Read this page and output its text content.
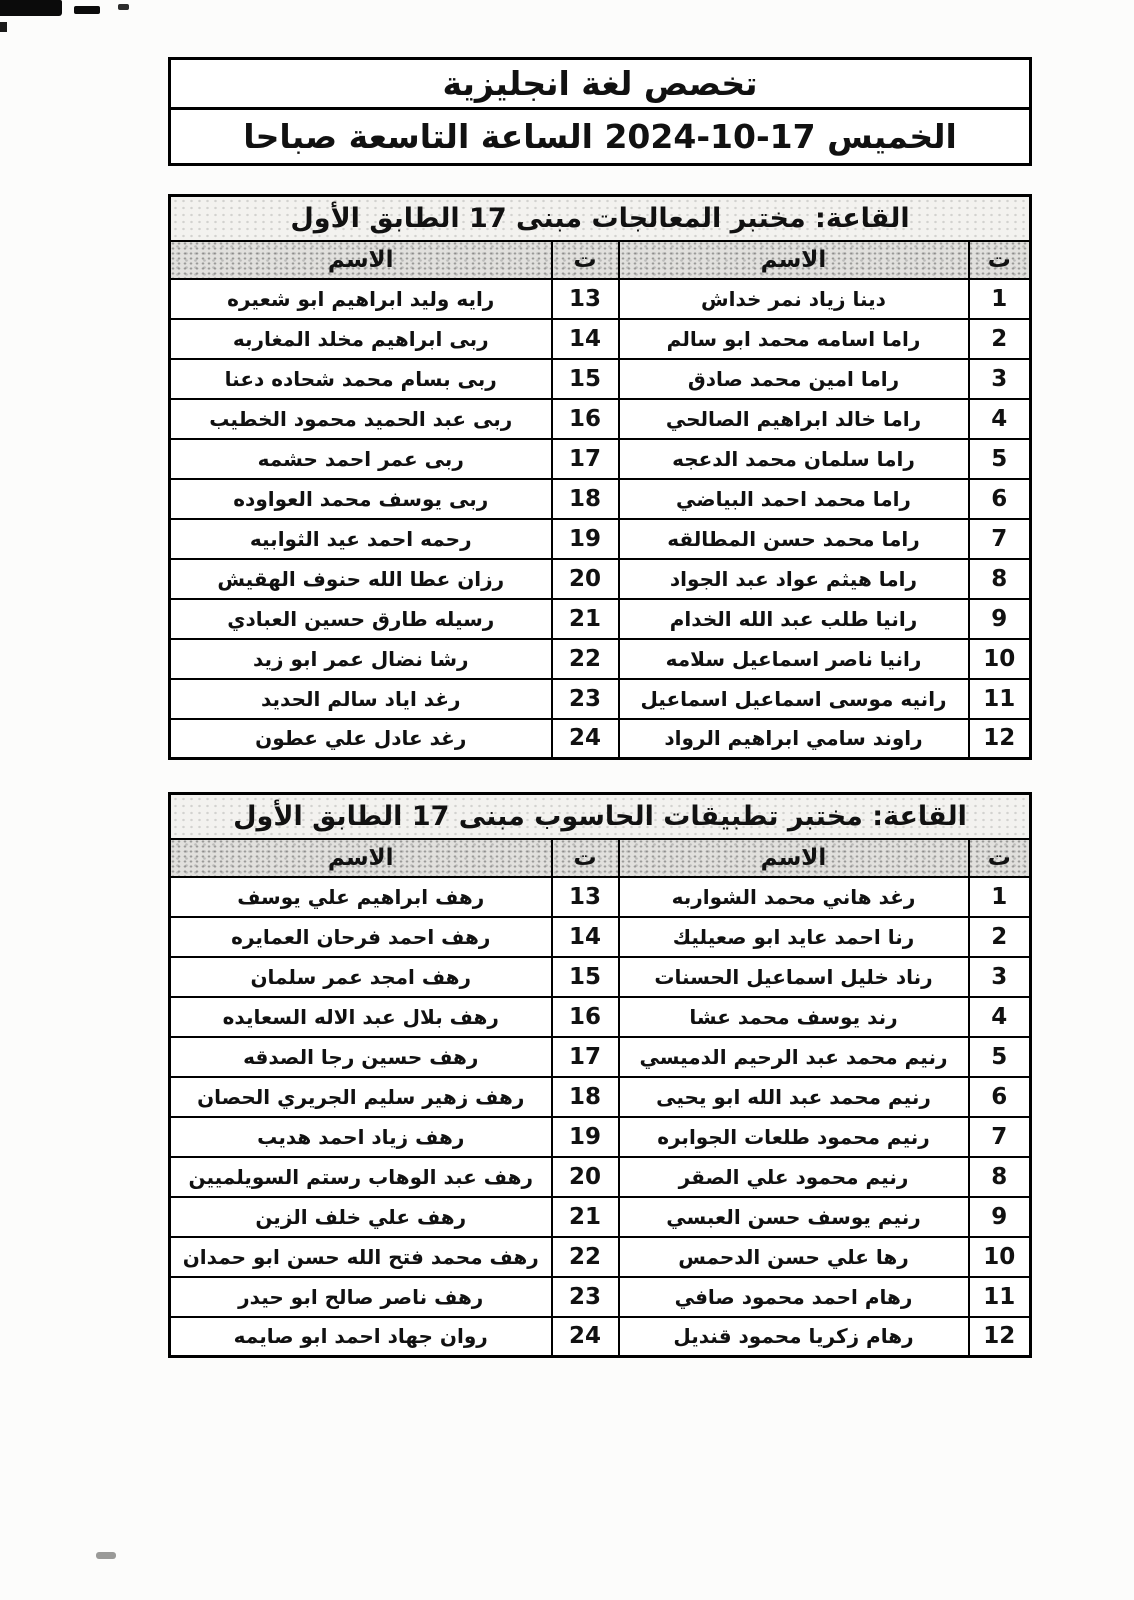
تخصص لغة انجليزية
الخميس 17-10-2024 الساعة التاسعة صباحا
القاعة: مختبر المعالجات مبنى 17 الطابق الأول			
ت	الاسم	ت	الاسم
1	دينا زياد نمر خداش	13	رايه وليد ابراهيم ابو شعيره
2	راما اسامه محمد ابو سالم	14	ربى ابراهيم مخلد المغاربه
3	راما امين محمد صادق	15	ربى بسام محمد شحاده دعنا
4	راما خالد ابراهيم الصالحي	16	ربى عبد الحميد محمود الخطيب
5	راما سلمان محمد الدعجه	17	ربى عمر احمد حشمه
6	راما محمد احمد البياضي	18	ربى يوسف محمد العواوده
7	راما محمد حسن المطالقه	19	رحمه احمد عيد الثوابيه
8	راما هيثم عواد عبد الجواد	20	رزان عطا الله حنوف الهقيش
9	رانيا طلب عبد الله الخدام	21	رسيله طارق حسين العبادي
10	رانيا ناصر اسماعيل سلامه	22	رشا نضال عمر ابو زيد
11	رانيه موسى اسماعيل اسماعيل	23	رغد اياد سالم الحديد
12	راوند سامي ابراهيم الرواد	24	رغد عادل علي عطون
القاعة: مختبر تطبيقات الحاسوب مبنى 17 الطابق الأول			
ت	الاسم	ت	الاسم
1	رغد هاني محمد الشواربه	13	رهف ابراهيم علي يوسف
2	رنا احمد عايد ابو صعيليك	14	رهف احمد فرحان العمايره
3	رناد خليل اسماعيل الحسنات	15	رهف امجد عمر سلمان
4	رند يوسف محمد عشا	16	رهف بلال عبد الاله السعايده
5	رنيم محمد عبد الرحيم الدميسي	17	رهف حسين رجا الصدقه
6	رنيم محمد عبد الله ابو يحيى	18	رهف زهير سليم الجريري الحصان
7	رنيم محمود طلعات الجوابره	19	رهف زياد احمد هديب
8	رنيم محمود علي الصقر	20	رهف عبد الوهاب رستم السويلميين
9	رنيم يوسف حسن العبسي	21	رهف علي خلف الزين
10	رها علي حسن الدحمس	22	رهف محمد فتح الله حسن ابو حمدان
11	رهام احمد محمود صافي	23	رهف ناصر صالح ابو حيدر
12	رهام زكريا محمود قنديل	24	روان جهاد احمد ابو صايمه
